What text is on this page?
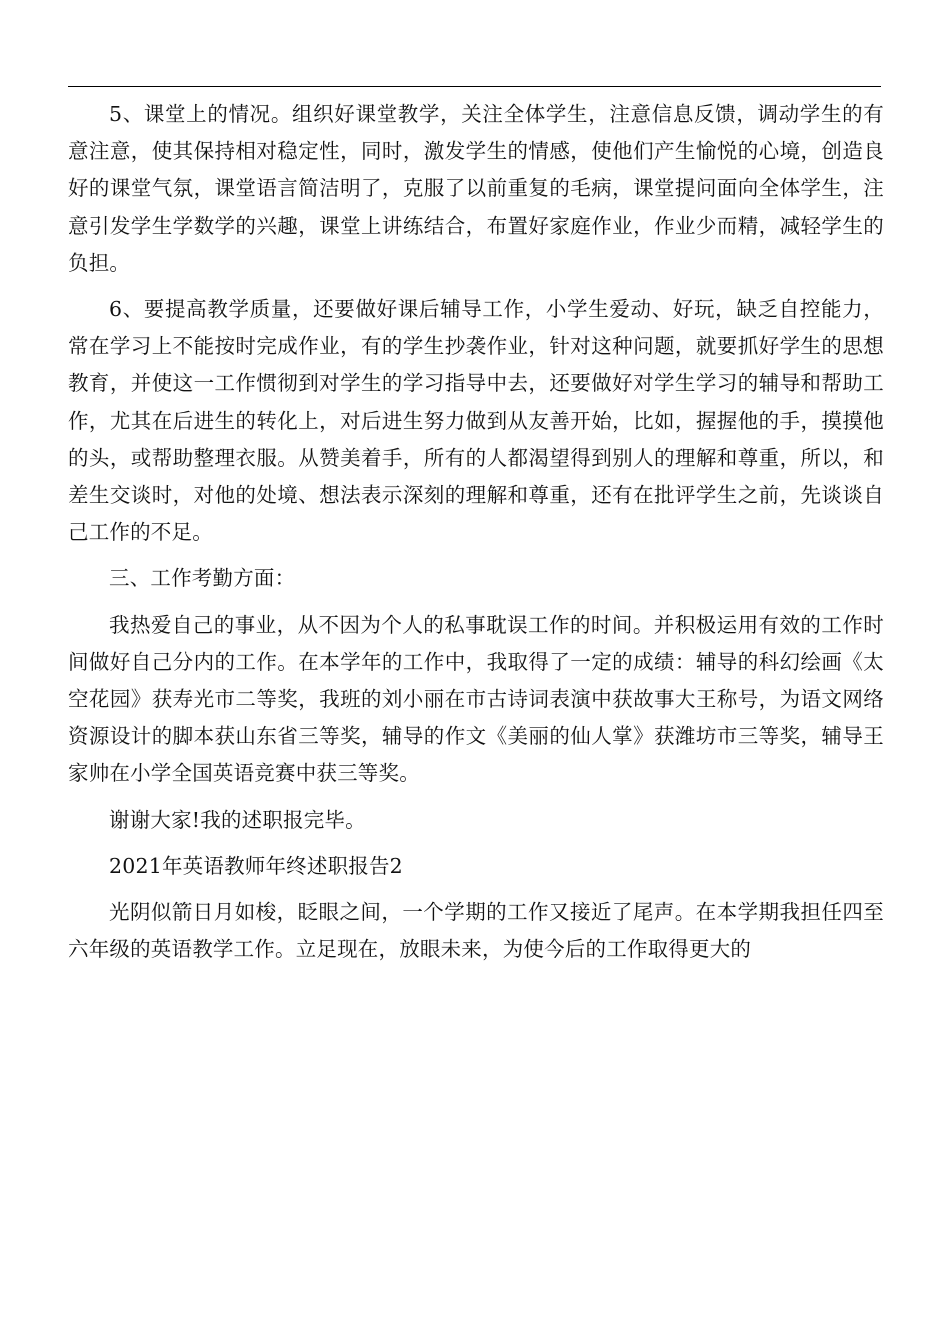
5、课堂上的情况。组织好课堂教学，关注全体学生，注意信息反馈，调动学生的有意注意，使其保持相对稳定性，同时，激发学生的情感，使他们产生愉悦的心境，创造良好的课堂气氛，课堂语言简洁明了，克服了以前重复的毛病，课堂提问面向全体学生，注意引发学生学数学的兴趣，课堂上讲练结合，布置好家庭作业，作业少而精，减轻学生的负担。

6、要提高教学质量，还要做好课后辅导工作，小学生爱动、好玩，缺乏自控能力，常在学习上不能按时完成作业，有的学生抄袭作业，针对这种问题，就要抓好学生的思想教育，并使这一工作惯彻到对学生的学习指导中去，还要做好对学生学习的辅导和帮助工作，尤其在后进生的转化上，对后进生努力做到从友善开始，比如，握握他的手，摸摸他的头，或帮助整理衣服。从赞美着手，所有的人都渴望得到别人的理解和尊重，所以，和差生交谈时，对他的处境、想法表示深刻的理解和尊重，还有在批评学生之前，先谈谈自己工作的不足。

三、工作考勤方面：

我热爱自己的事业，从不因为个人的私事耽误工作的时间。并积极运用有效的工作时间做好自己分内的工作。在本学年的工作中，我取得了一定的成绩：辅导的科幻绘画《太空花园》获寿光市二等奖，我班的刘小丽在市古诗词表演中获故事大王称号，为语文网络资源设计的脚本获山东省三等奖，辅导的作文《美丽的仙人掌》获潍坊市三等奖，辅导王家帅在小学全国英语竞赛中获三等奖。

谢谢大家!我的述职报完毕。

2021年英语教师年终述职报告2

光阴似箭日月如梭，眨眼之间，一个学期的工作又接近了尾声。在本学期我担任四至六年级的英语教学工作。立足现在，放眼未来，为使今后的工作取得更大的
